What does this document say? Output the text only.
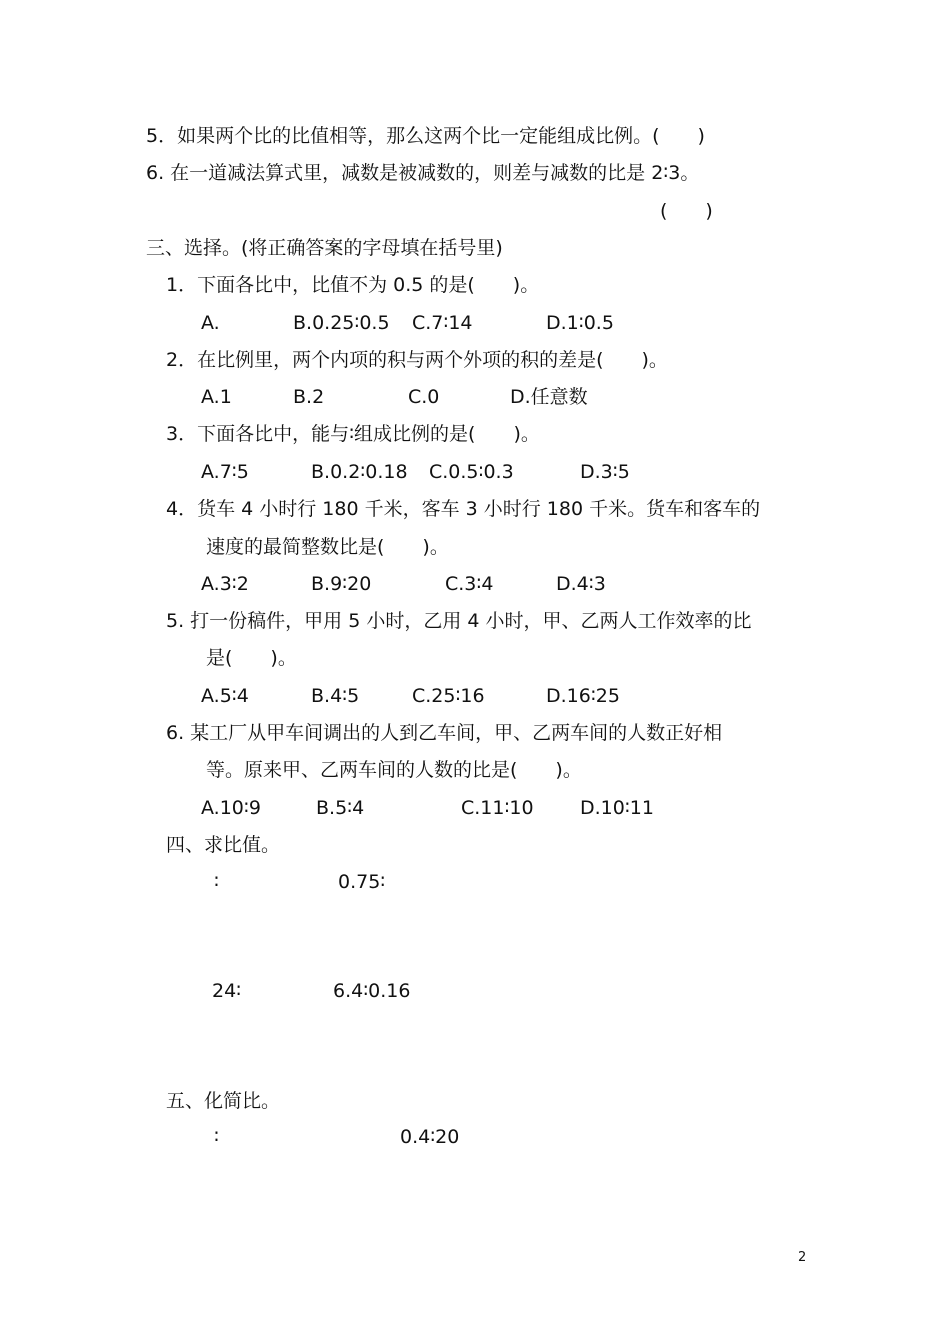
5．如果两个比的比值相等，那么这两个比一定能组成比例。(　　)
6. 在一道减法算式里，减数是被减数的，则差与减数的比是 2∶3。
(　　)
三、选择。(将正确答案的字母填在括号里)
1．下面各比中，比值不为 0.5 的是(　　)。
A.	B.0.25∶0.5 C.7∶14	D.1∶0.5
2．在比例里，两个内项的积与两个外项的积的差是(　　)。
A.1	B.2	C.0	D.任意数
3．下面各比中，能与∶组成比例的是(　　)。
A.7∶5	B.0.2∶0.18 C.0.5∶0.3	D.3∶5
4．货车 4 小时行 180 千米，客车 3 小时行 180 千米。货车和客车的
速度的最简整数比是(　　)。
A.3∶2	B.9∶20	C.3∶4	D.4∶3
5. 打一份稿件，甲用 5 小时，乙用 4 小时，甲、乙两人工作效率的比
是(　　)。
A.5∶4	B.4∶5	C.25∶16	D.16∶25
6. 某工厂从甲车间调出的人到乙车间，甲、乙两车间的人数正好相
等。原来甲、乙两车间的人数的比是(　　)。
A.10∶9	B.5∶4	C.11∶10 D.10∶11
四、求比值。
∶	0.75∶
24∶	6.4∶0.16
五、化简比。
∶	0.4∶20
2
